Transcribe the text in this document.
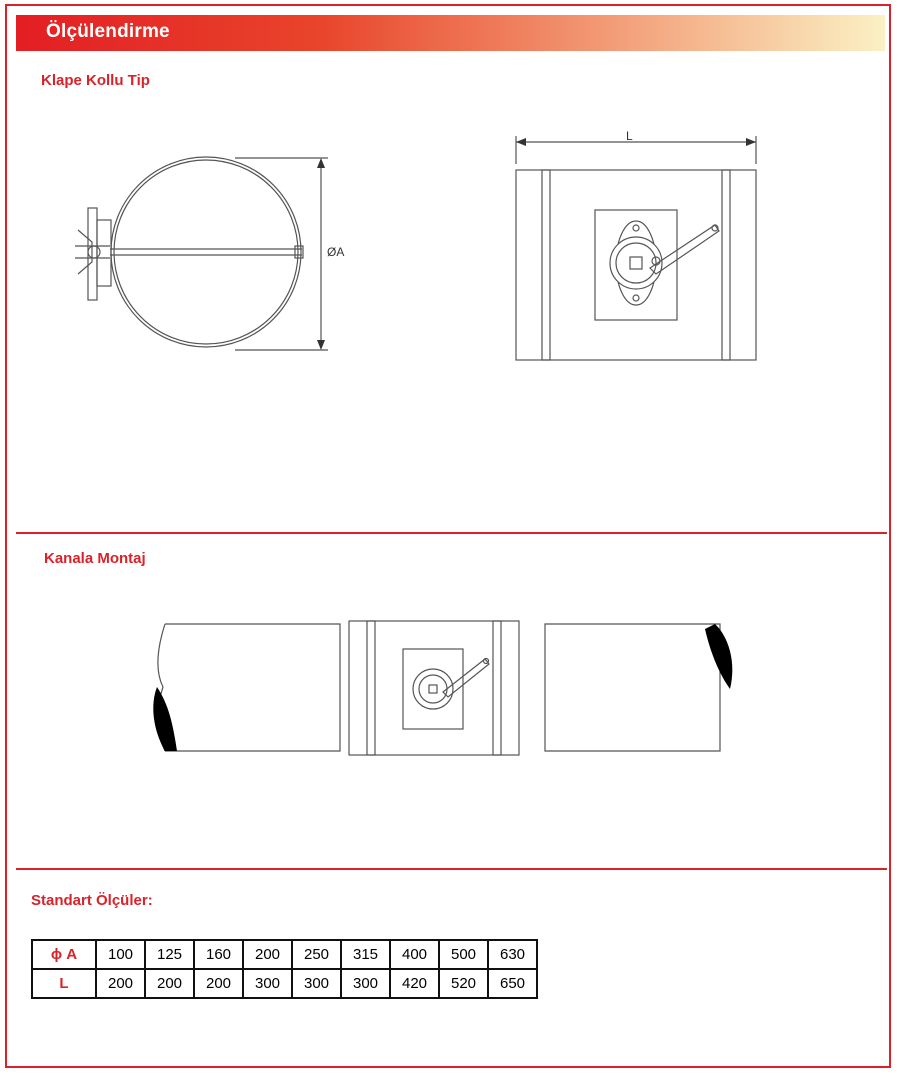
Ölçülendirme
Klape Kollu Tip
ØA
L
Kanala Montaj
Standart Ölçüler:
ϕ A	100	125	160	200	250	315	400	500	630
L	200	200	200	300	300	300	420	520	650
